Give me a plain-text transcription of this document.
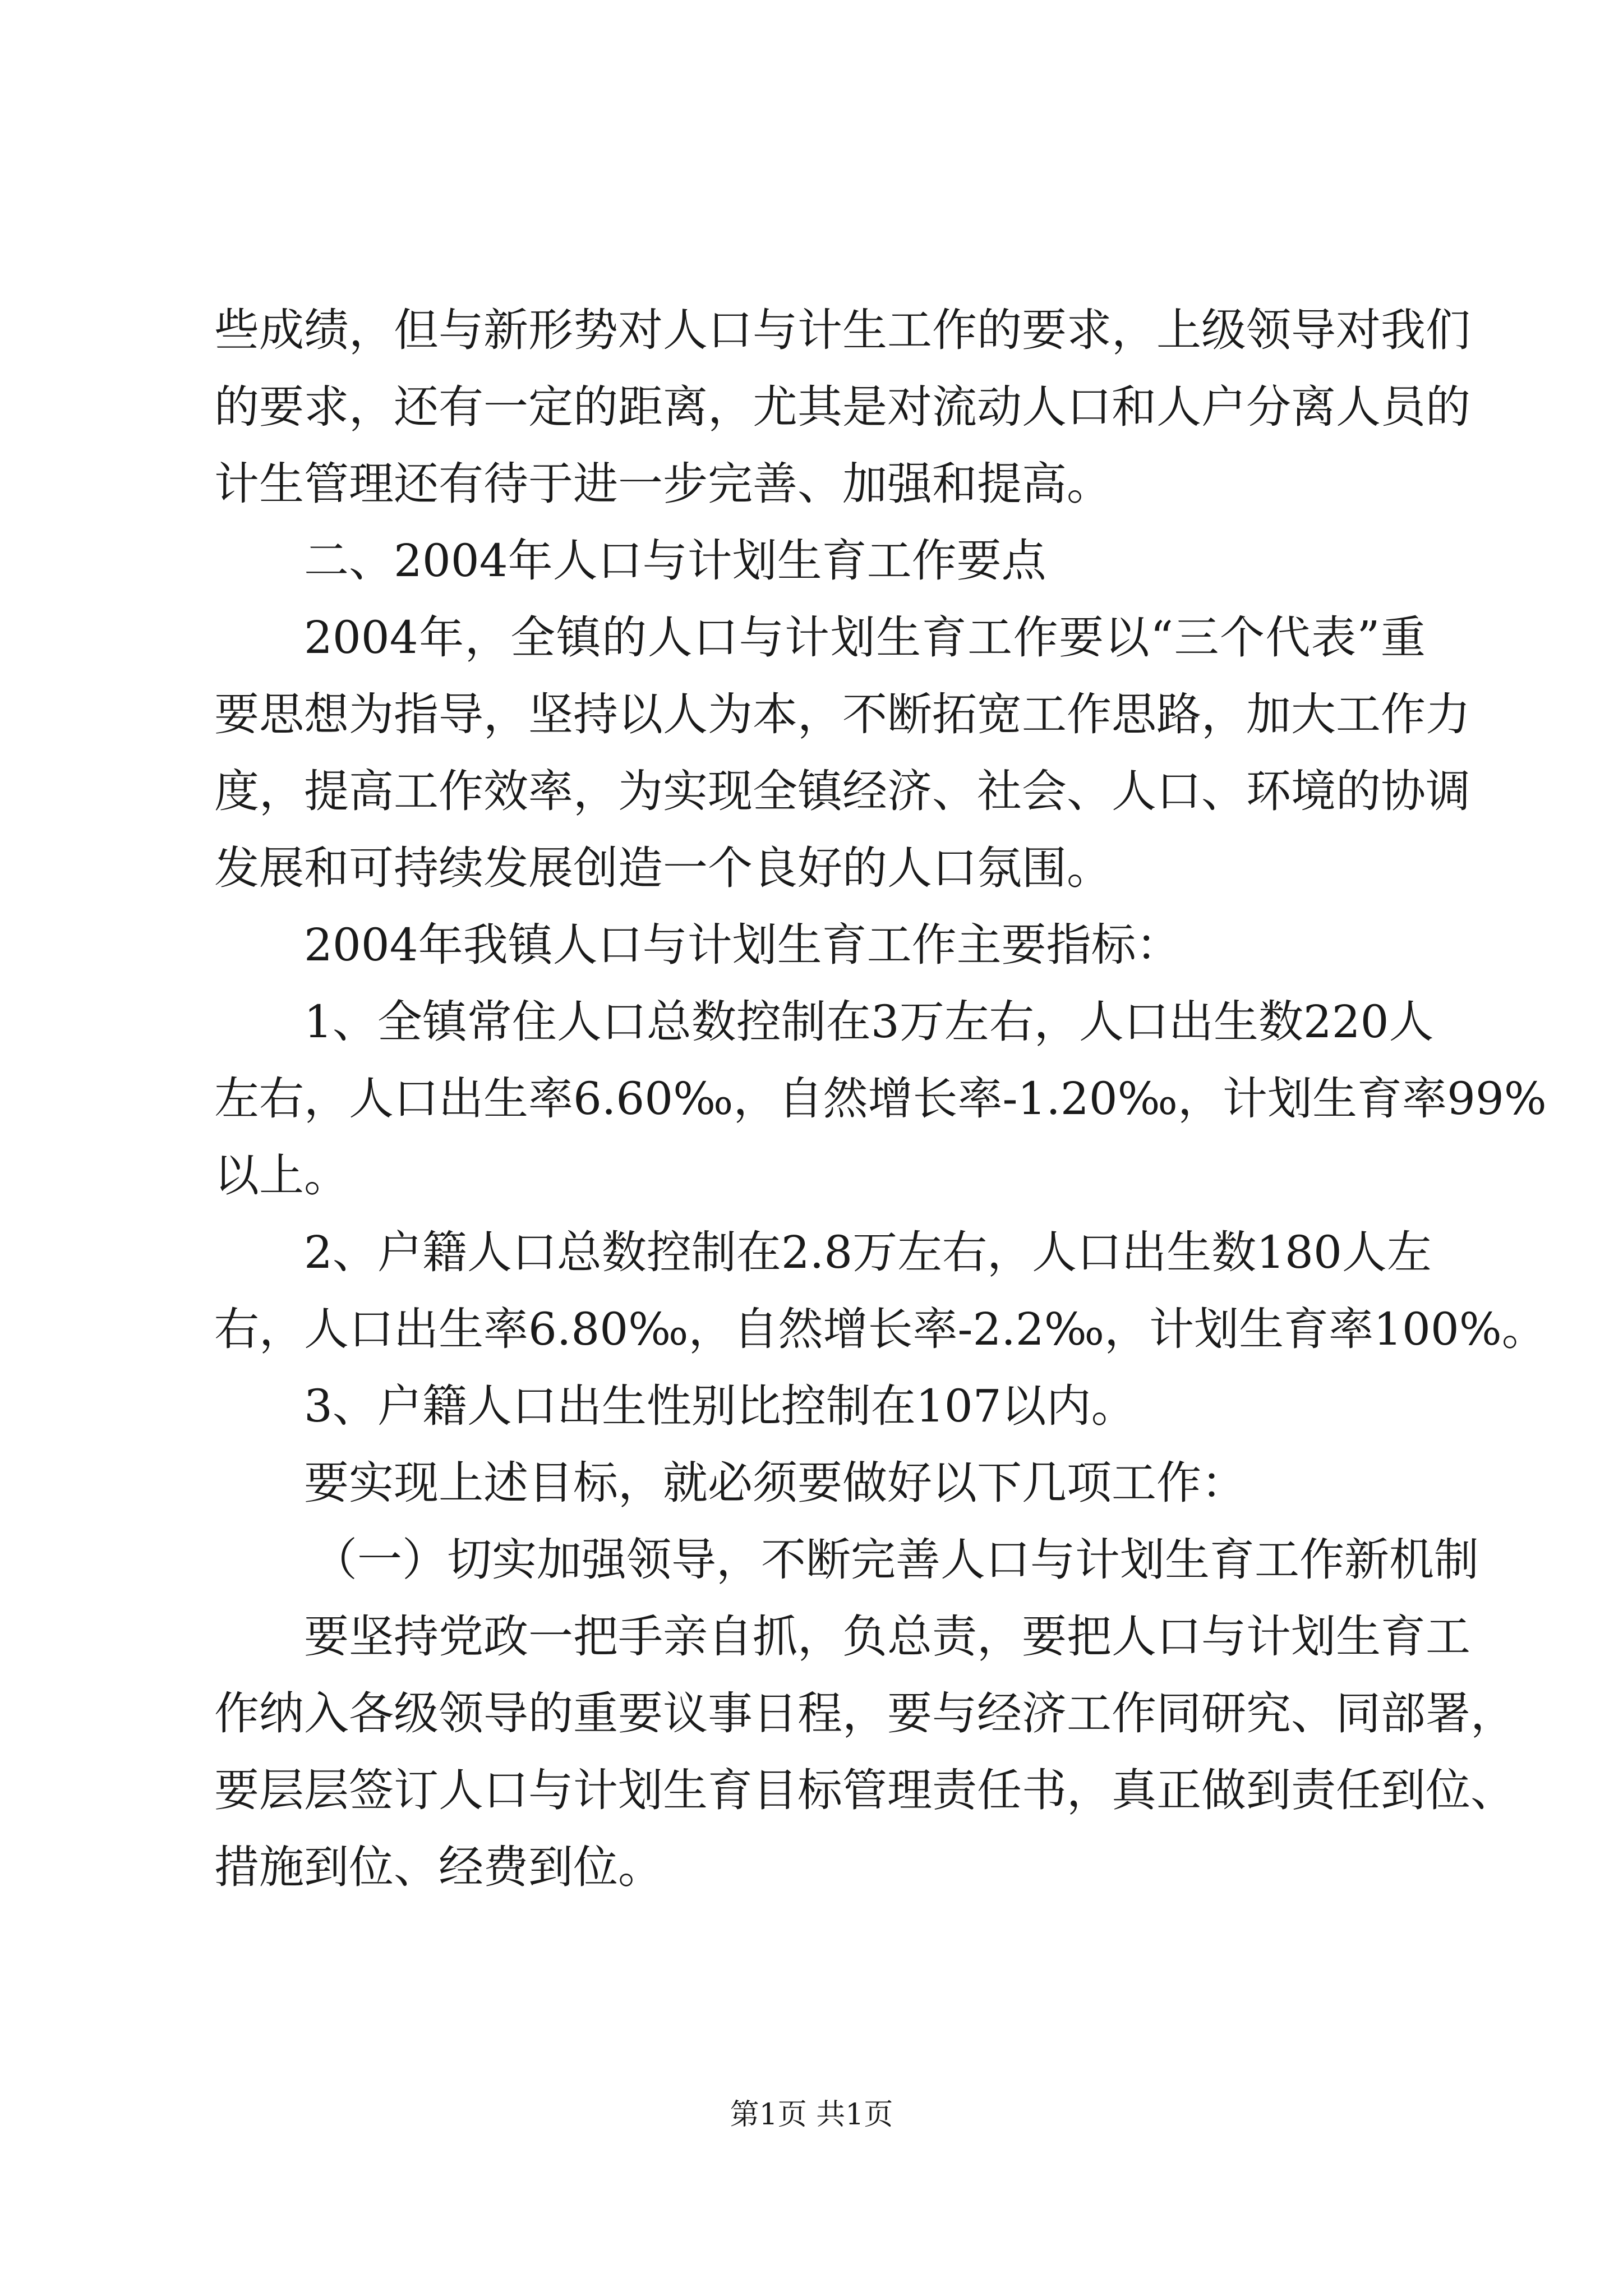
些 成 绩 ， 但 与 新 形 势 对 人 口 与 计 生 工 作 的 要 求 ， 上 级 领 导 对 我 们
的 要 求 ， 还 有 一 定 的 距 离 ， 尤 其 是 对 流 动 人 口 和 人 户 分 离 人 员 的
计生管理还有待于进一步完善、加强和提高。
二、2004年人口与计划生育工作要点
2004 年 ， 全 镇 的 人 口 与 计 划 生 育 工 作 要 以 “ 三 个 代 表 ” 重
要 思 想 为 指 导 ， 坚 持 以 人 为 本 ， 不 断 拓 宽 工 作 思 路 ， 加 大 工 作 力
度 ， 提 高 工 作 效 率 ， 为 实 现 全 镇 经 济 、 社 会 、 人 口 、 环 境 的 协 调
发展和可持续发展创造一个良好的人口氛围。
2004年我镇人口与计划生育工作主要指标：
1 、 全 镇 常 住 人 口 总 数 控 制 在 3 万 左 右 ， 人 口 出 生 数 220 人
左 右 ， 人 口 出 生 率 6.60‰ ， 自 然 增 长 率 -1.20‰ ， 计 划 生 育 率 99%
以上。
2 、 户 籍 人 口 总 数 控 制 在 2.8 万 左 右 ， 人 口 出 生 数 180 人 左
右 ， 人 口 出 生 率 6.80‰ ， 自 然 增 长 率 -2.2‰ ， 计 划 生 育 率 100% 。
3、户籍人口出生性别比控制在107以内。
要实现上述目标，就必须要做好以下几项工作：
（ 一 ） 切 实 加 强 领 导 ， 不 断 完 善 人 口 与 计 划 生 育 工 作 新 机 制
要 坚 持 党 政 一 把 手 亲 自 抓 ， 负 总 责 ， 要 把 人 口 与 计 划 生 育 工
作 纳 入 各 级 领 导 的 重 要 议 事 日 程 ， 要 与 经 济 工 作 同 研 究 、 同 部 署 ，
要 层 层 签 订 人 口 与 计 划 生 育 目 标 管 理 责 任 书 ， 真 正 做 到 责 任 到 位 、
措施到位、经费到位。
第1页 共1页
